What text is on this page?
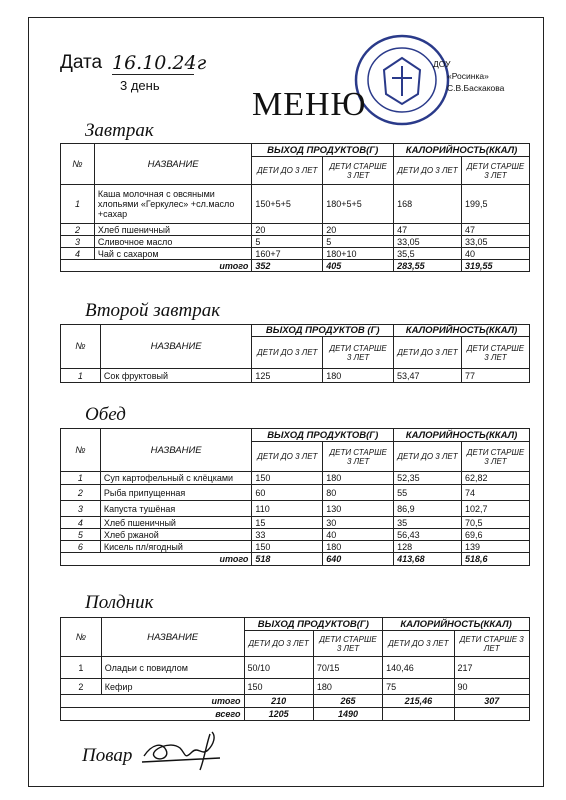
Дата 16.10.24г
3 день
ДОУ
«Росинка»
С.В.Баскакова
МЕНЮ
Завтрак
№	НАЗВАНИЕ	ВЫХОД ПРОДУКТОВ(Г)		КАЛОРИЙНОСТЬ(ККАЛ)	
		ДЕТИ ДО 3 ЛЕТ	ДЕТИ СТАРШЕ 3 ЛЕТ	ДЕТИ ДО 3 ЛЕТ	ДЕТИ СТАРШЕ 3 ЛЕТ
1	Каша молочная с овсяными хлопьями «Геркулес» +сл.масло +сахар	150+5+5	180+5+5	168	199,5
2	Хлеб пшеничный	20	20	47	47
3	Сливочное масло	5	5	33,05	33,05
4	Чай с сахаром	160+7	180+10	35,5	40
итого		352	405	283,55	319,55
Второй завтрак
№	НАЗВАНИЕ	ВЫХОД ПРОДУКТОВ (Г)		КАЛОРИЙНОСТЬ(ККАЛ)	
		ДЕТИ ДО 3 ЛЕТ	ДЕТИ СТАРШЕ 3 ЛЕТ	ДЕТИ ДО 3 ЛЕТ	ДЕТИ СТАРШЕ 3 ЛЕТ
1	Сок фруктовый	125	180	53,47	77
Обед
№	НАЗВАНИЕ	ВЫХОД ПРОДУКТОВ(Г)		КАЛОРИЙНОСТЬ(ККАЛ)	
		ДЕТИ ДО 3 ЛЕТ	ДЕТИ СТАРШЕ 3 ЛЕТ	ДЕТИ ДО 3 ЛЕТ	ДЕТИ СТАРШЕ 3 ЛЕТ
1	Суп картофельный с клёцками	150	180	52,35	62,82
2	Рыба припущенная	60	80	55	74
3	Капуста тушёная	110	130	86,9	102,7
4	Хлеб пшеничный	15	30	35	70,5
5	Хлеб ржаной	33	40	56,43	69,6
6	Кисель пл/ягодный	150	180	128	139
итого		518	640	413,68	518,6
Полдник
№	НАЗВАНИЕ	ВЫХОД ПРОДУКТОВ(Г)		КАЛОРИЙНОСТЬ(ККАЛ)	
		ДЕТИ ДО 3 ЛЕТ	ДЕТИ СТАРШЕ 3 ЛЕТ	ДЕТИ ДО 3 ЛЕТ	ДЕТИ СТАРШЕ 3 ЛЕТ
1	Оладьи с повидлом	50/10	70/15	140,46	217
2	Кефир	150	180	75	90
итого		210	265	215,46	307
всего		1205	1490		
Повар
